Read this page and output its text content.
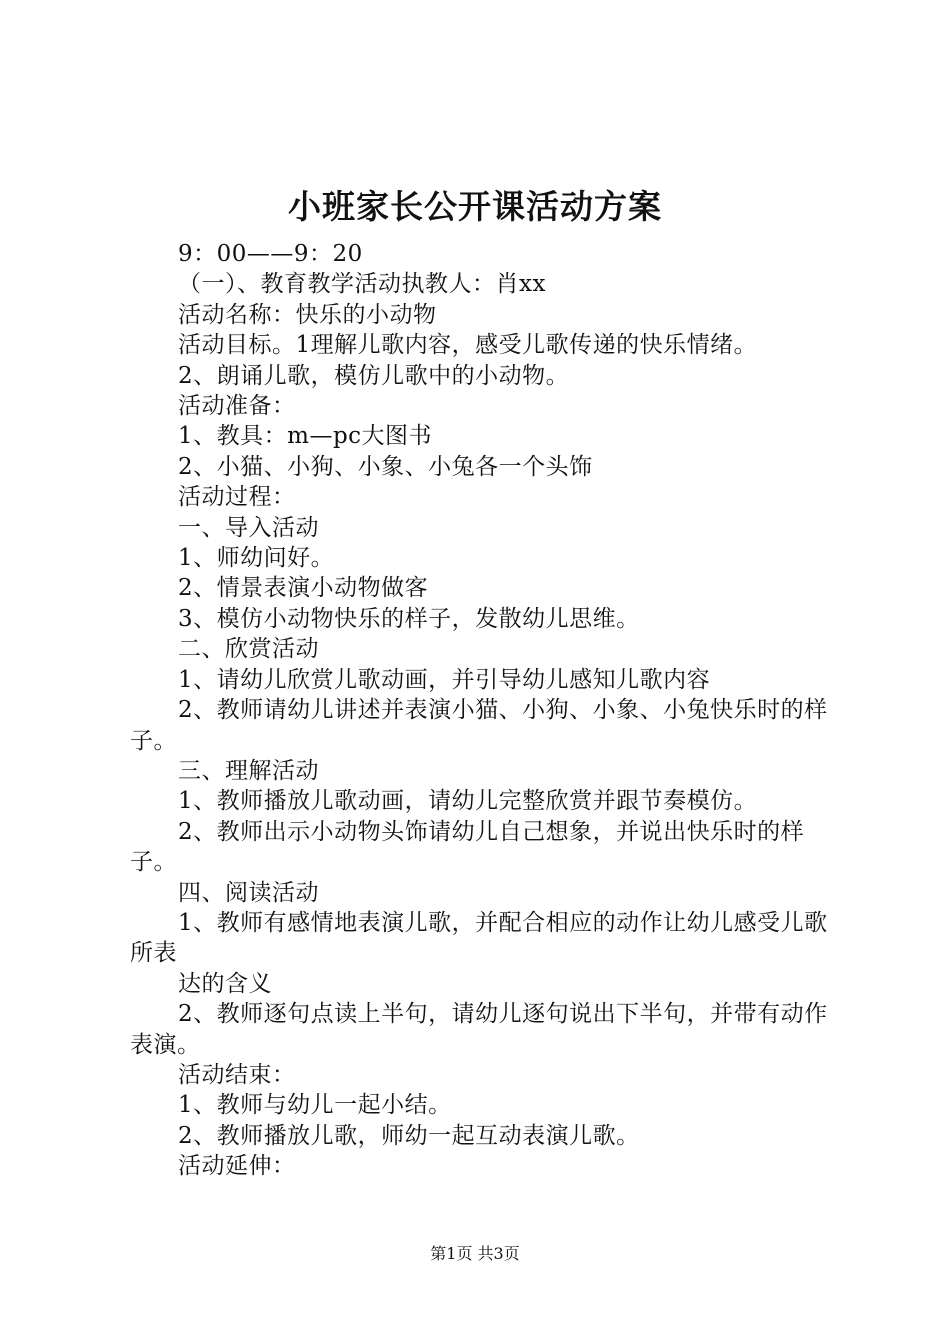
小班家长公开课活动方案

9：00——9：20

（一）、教育教学活动执教人：肖xx

活动名称：快乐的小动物

活动目标。1理解儿歌内容，感受儿歌传递的快乐情绪。

2、朗诵儿歌，模仿儿歌中的小动物。

活动准备：

1、教具：m—pc大图书

2、小猫、小狗、小象、小兔各一个头饰

活动过程：

一、导入活动

1、师幼问好。

2、情景表演小动物做客

3、模仿小动物快乐的样子，发散幼儿思维。

二、欣赏活动

1、请幼儿欣赏儿歌动画，并引导幼儿感知儿歌内容

2、教师请幼儿讲述并表演小猫、小狗、小象、小兔快乐时的样子。

三、理解活动

1、教师播放儿歌动画，请幼儿完整欣赏并跟节奏模仿。

2、教师出示小动物头饰请幼儿自己想象，并说出快乐时的样子。

四、阅读活动

1、教师有感情地表演儿歌，并配合相应的动作让幼儿感受儿歌所表

达的含义

2、教师逐句点读上半句，请幼儿逐句说出下半句，并带有动作表演。

活动结束：

1、教师与幼儿一起小结。

2、教师播放儿歌，师幼一起互动表演儿歌。

活动延伸：

第1页 共3页
